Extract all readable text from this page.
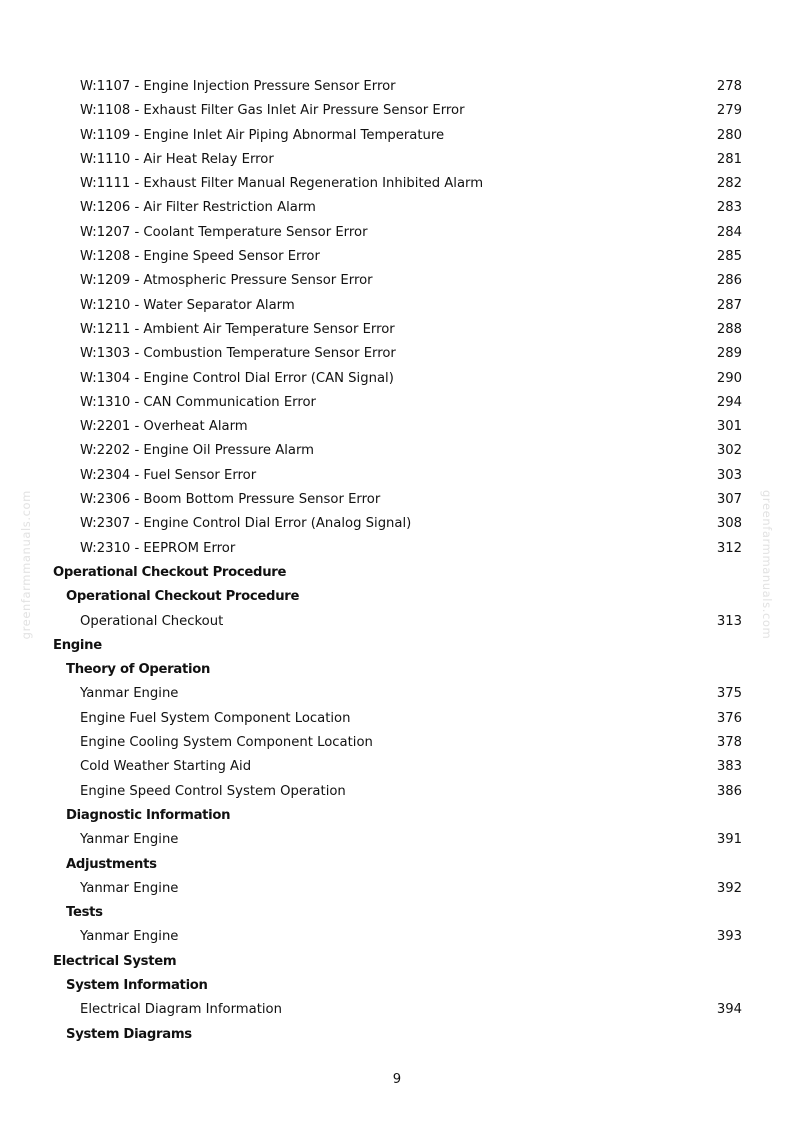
greenfarmmanuals.com	greenfarmmanuals.com
W:1107 - Engine Injection Pressure Sensor Error	278
W:1108 - Exhaust Filter Gas Inlet Air Pressure Sensor Error	279
W:1109 - Engine Inlet Air Piping Abnormal Temperature	280
W:1110 - Air Heat Relay Error	281
W:1111 - Exhaust Filter Manual Regeneration Inhibited Alarm	282
W:1206 - Air Filter Restriction Alarm	283
W:1207 - Coolant Temperature Sensor Error	284
W:1208 - Engine Speed Sensor Error	285
W:1209 - Atmospheric Pressure Sensor Error	286
W:1210 - Water Separator Alarm	287
W:1211 - Ambient Air Temperature Sensor Error	288
W:1303 - Combustion Temperature Sensor Error	289
W:1304 - Engine Control Dial Error (CAN Signal)	290
W:1310 - CAN Communication Error	294
W:2201 - Overheat Alarm	301
W:2202 - Engine Oil Pressure Alarm	302
W:2304 - Fuel Sensor Error	303
W:2306 - Boom Bottom Pressure Sensor Error	307
W:2307 - Engine Control Dial Error (Analog Signal)	308
W:2310 - EEPROM Error	312
Operational Checkout Procedure
Operational Checkout Procedure
Operational Checkout	313
Engine
Theory of Operation
Yanmar Engine	375
Engine Fuel System Component Location	376
Engine Cooling System Component Location	378
Cold Weather Starting Aid	383
Engine Speed Control System Operation	386
Diagnostic Information
Yanmar Engine	391
Adjustments
Yanmar Engine	392
Tests
Yanmar Engine	393
Electrical System
System Information
Electrical Diagram Information	394
System Diagrams
9
